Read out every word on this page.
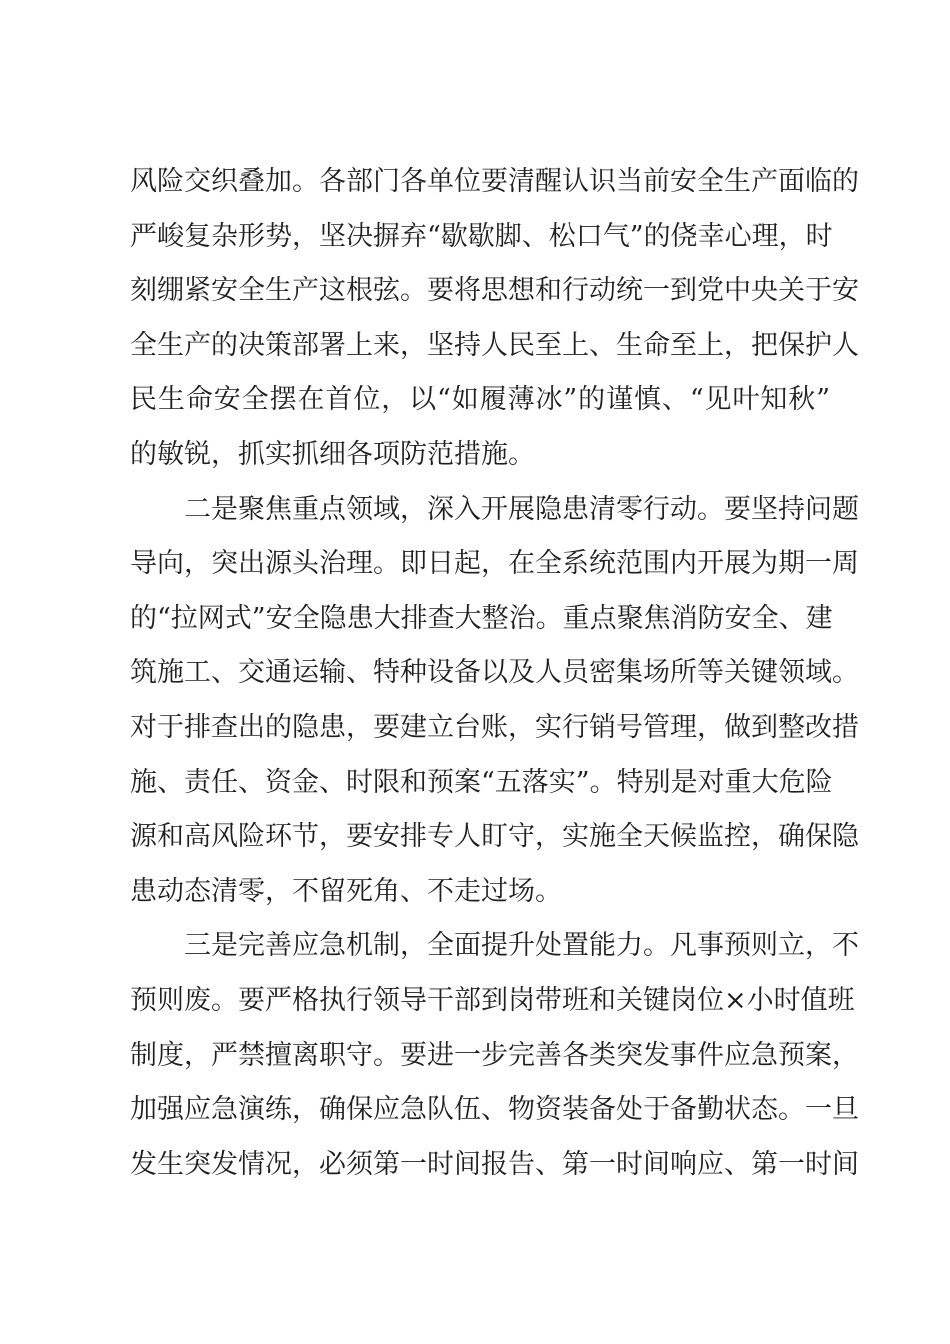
风险交织叠加。各部门各单位要清醒认识当前安全生产面临的
严峻复杂形势，坚决摒弃“歇歇脚、松口气”的侥幸心理，时
刻绷紧安全生产这根弦。要将思想和行动统一到党中央关于安
全生产的决策部署上来，坚持人民至上、生命至上，把保护人
民生命安全摆在首位，以“如履薄冰”的谨慎、“见叶知秋”
的敏锐，抓实抓细各项防范措施。
二是聚焦重点领域，深入开展隐患清零行动。要坚持问题
导向，突出源头治理。即日起，在全系统范围内开展为期一周
的“拉网式”安全隐患大排查大整治。重点聚焦消防安全、建
筑施工、交通运输、特种设备以及人员密集场所等关键领域。
对于排查出的隐患，要建立台账，实行销号管理，做到整改措
施、责任、资金、时限和预案“五落实”。特别是对重大危险
源和高风险环节，要安排专人盯守，实施全天候监控，确保隐
患动态清零，不留死角、不走过场。
三是完善应急机制，全面提升处置能力。凡事预则立，不
预则废。要严格执行领导干部到岗带班和关键岗位×小时值班
制度，严禁擅离职守。要进一步完善各类突发事件应急预案，
加强应急演练，确保应急队伍、物资装备处于备勤状态。一旦
发生突发情况，必须第一时间报告、第一时间响应、第一时间
